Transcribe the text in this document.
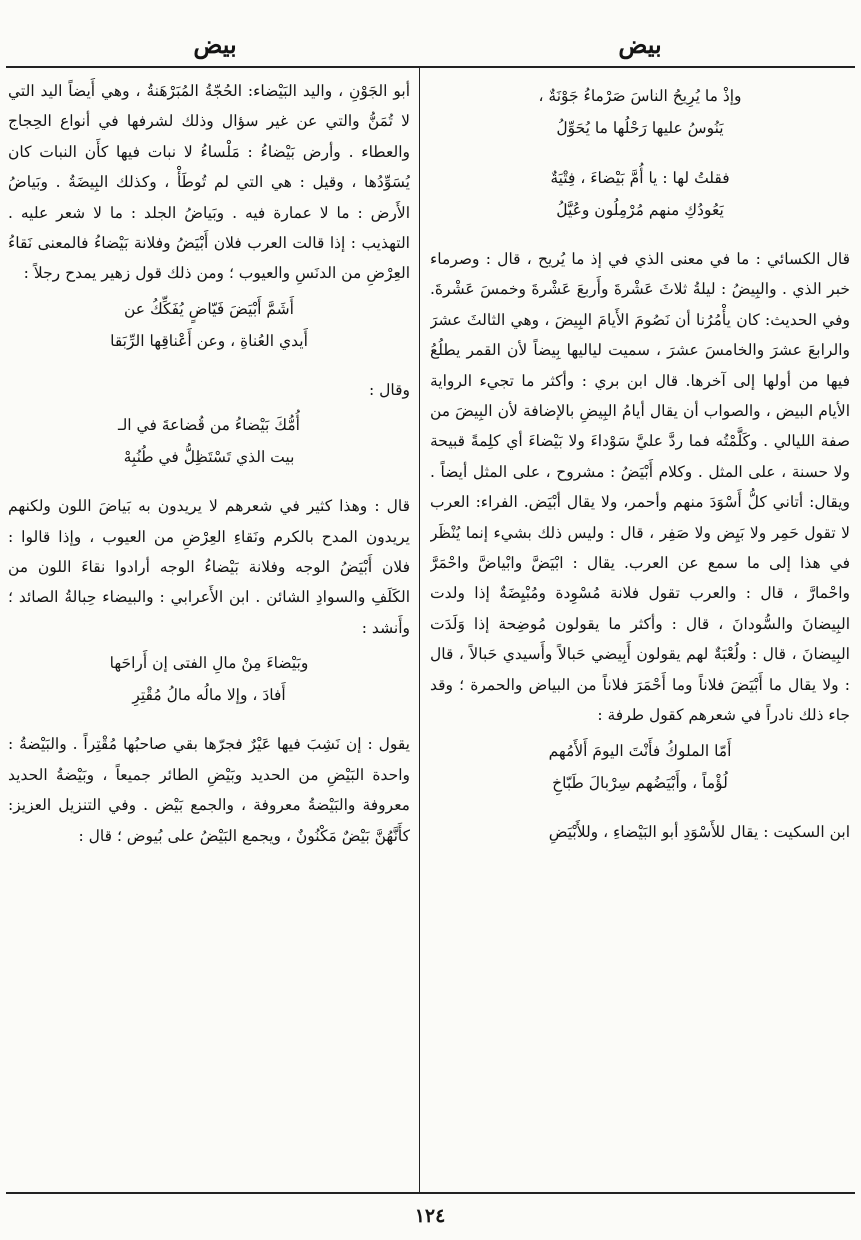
بيض
بيض
وإذْ ما يُرِيحُ الناسَ صَرْماءُ جَوْنَةٌ ،
يَنُوسُ عليها رَحْلُها ما يُحَوِّلُ
فقلتُ لها : يا أُمَّ بَيْضاءَ ، فِتْيَةٌ
يَعُودُكِ منهم مُرْمِلُون وعُيَّلُ

قال الكسائي : ما في معنى الذي في إذ ما يُريح ، قال : وصرماء خبر الذي . والبِيضُ : ليلةُ ثلاثَ عَشْرةَ وأَربعَ عَشْرةَ وخمسَ عَشْرةَ. وفي الحديث: كان يأْمُرُنا أن نَصُومَ الأَيامَ البِيضَ ، وهي الثالثَ عشرَ والرابعَ عشرَ والخامسَ عشرَ ، سميت لياليها بِيضاً لأن القمر يطلُعُ فيها من أولها إلى آخرها. قال ابن بري : وأكثر ما تجيء الرواية الأيام البيض ، والصواب أن يقال أيامُ البِيضِ بالإضافة لأن البِيضَ من صفة الليالي . وكَلَّمْتُه فما ردَّ عليَّ سَوْداءَ ولا بَيْضاءَ أي كلِمةً قبيحة ولا حسنة ، على المثل . وكلام أَبْيَضُ : مشروح ، على المثل أيضاً . ويقال: أتاني كلُّ أَسْوَدَ منهم وأحمر، ولا يقال أبْيَض. الفراء: العرب لا تقول حَمِر ولا بَيِض ولا صَفِر ، قال : وليس ذلك بشيء إنما يُنْظَر في هذا إلى ما سمع عن العرب. يقال : ابْيَضَّ وابْياضَّ واحْمَرَّ واحْمارَّ ، قال : والعرب تقول فلانة مُسْوِدة ومُبْيِضَةٌ إذا ولدت البِيضانَ والسُّودانَ ، قال : وأكثر ما يقولون مُوضِحة إذا وَلَدَت البِيضانَ ، قال : ولُعْبَةٌ لهم يقولون أَبِيضي حَبالاً وأَسيدي حَبالاً ، قال : ولا يقال ما أَبْيَضَ فلاناً وما أَحْمَرَ فلاناً من البياض والحمرة ؛ وقد جاء ذلك نادراً في شعرهم كقول طرفة :

أَمّا الملوكُ فأَنْتَ اليومَ أَلأَمُهم
لُؤْماً ، وأَبْيَضُهم سِرْبالَ طَبّاخِ

ابن السكيت : يقال للأَسْوَدِ أبو البَيْضاءِ ، وللأَبْيَضِ

أبو الجَوْنِ ، واليد البَيْضاء: الحُجّةُ المُبَرْهَنةُ ، وهي أَيضاً اليد التي لا تُمَنُّ والتي عن غير سؤال وذلك لشرفها في أنواع الحِجاج والعطاء . وأرض بَيْضاءُ : مَلْساءُ لا نبات فيها كأَن النبات كان يُسَوِّدُها ، وقيل : هي التي لم تُوطَأْ ، وكذلك البِيضَةُ . وبَياضُ الأَرض : ما لا عمارة فيه . وبَياضُ الجلد : ما لا شعر عليه . التهذيب : إذا قالت العرب فلان أَبْيَضُ وفلانة بَيْضاءُ فالمعنى نَقاءُ العِرْضِ من الدنَسِ والعيوب ؛ ومن ذلك قول زهير يمدح رجلاً :

أَشَمَّ أَبْيَضَ فَيّاضٍ يُفَكِّكُ عن
أَيدي العُناةِ ، وعن أَعْناقِها الرِّبَقا

وقال :

أُمُّكَ بَيْضاءُ من قُضاعةَ في الـ
بيت الذي تَسْتَظِلُّ في طُنُبِهْ

قال : وهذا كثير في شعرهم لا يريدون به بَياضَ اللون ولكنهم يريدون المدح بالكرم ونَقاءِ العِرْضِ من العيوب ، وإذا قالوا : فلان أَبْيَضُ الوجه وفلانة بَيْضاءُ الوجه أرادوا نقاءَ اللون من الكَلَفِ والسوادِ الشائن . ابن الأَعرابي : والبيضاء حِبالةُ الصائد ؛ وأَنشد :

وبَيْضاءَ مِنْ مالِ الفتى إن أَراحَها
أَفادَ ، وإلا مالُه مالُ مُقْتِرِ

يقول : إن نَشِبَ فيها عَيْرٌ فجرّها بقي صاحبُها مُقْتِراً . والبَيْضةُ : واحدة البَيْضِ من الحديد وبَيْضِ الطائر جميعاً ، وبَيْضةُ الحديد معروفة والبَيْضةُ معروفة ، والجمع بَيْض . وفي التنزيل العزيز: كأَنَّهُنَّ بَيْضٌ مَكْنُونٌ ، ويجمع البَيْضُ على بُيوض ؛ قال :

١٢٤
